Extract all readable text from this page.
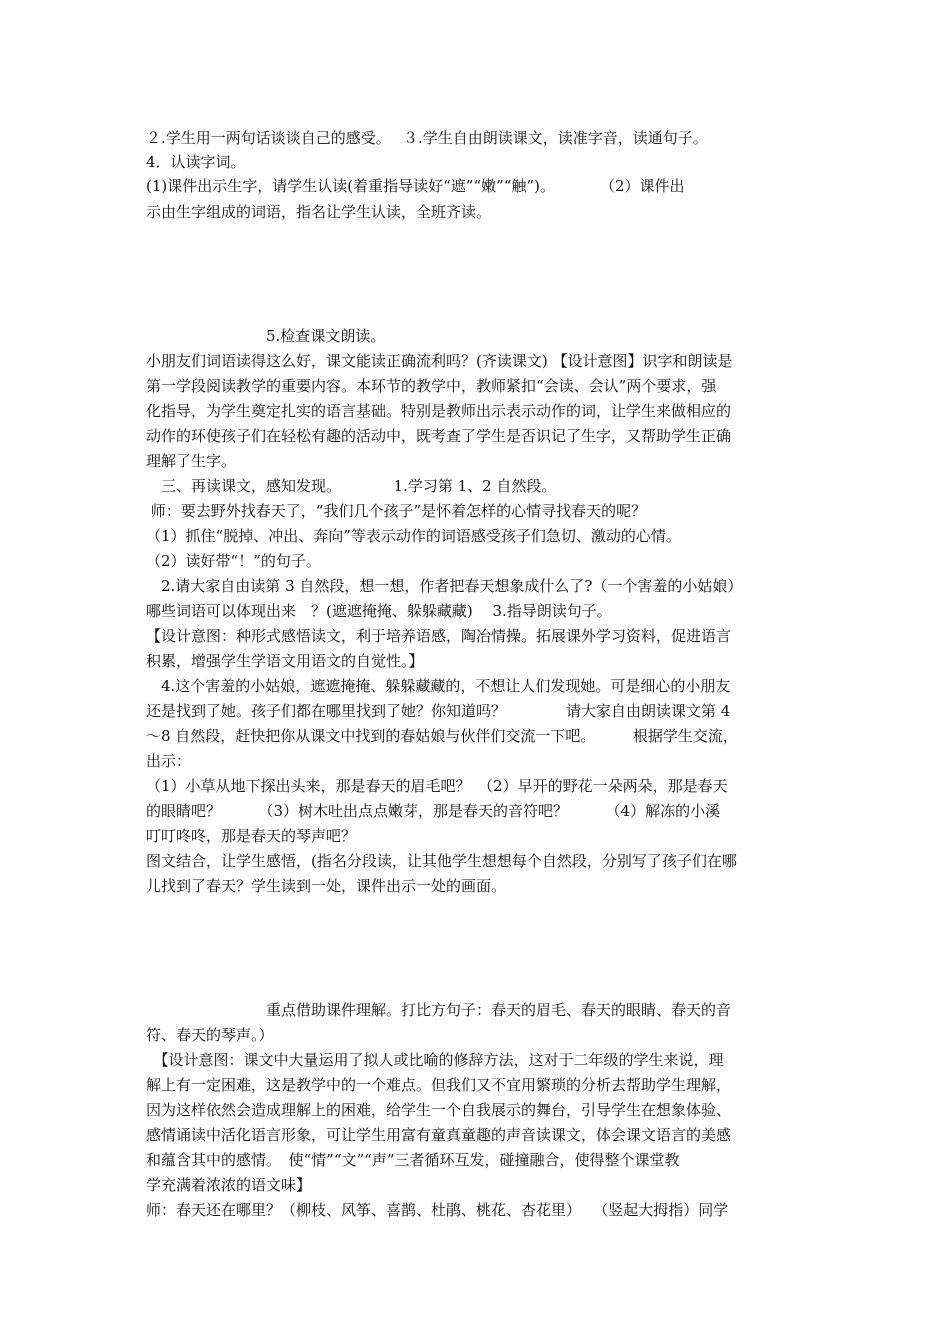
２.学生用一两句话谈谈自己的感受。　 ３.学生自由朗读课文，读准字音，读通句子。
4．认读字词。
(1)课件出示生字，请学生认读(着重指导读好“遮”“嫩”“触”)。　　　　（2）课件出
示由生字组成的词语，指名让学生认读，全班齐读。
　　　　　　　　5.检查课文朗读。
小朋友们词语读得这么好，课文能读正确流利吗？(齐读课文) 【设计意图】识字和朗读是
第一学段阅读教学的重要内容。本环节的教学中，教师紧扣“会读、会认”两个要求，强
化指导，为学生奠定扎实的语言基础。特别是教师出示表示动作的词，让学生来做相应的
动作的环使孩子们在轻松有趣的活动中，既考查了学生是否识记了生字，又帮助学生正确
理解了生字。
　三、再读课文，感知发现。　　　　1.学习第 1、2 自然段。
师：要去野外找春天了，“我们几个孩子”是怀着怎样的心情寻找春天的呢？
（1）抓住“脱掉、冲出、奔向”等表示动作的词语感受孩子们急切、激动的心情。
（2）读好带“！”的句子。
　2.请大家自由读第 3 自然段，想一想，作者把春天想象成什么了?（一个害羞的小姑娘）
哪些词语可以体现出来　？(遮遮掩掩、躲躲藏藏)　 3.指导朗读句子。
【设计意图：种形式感悟读文，利于培养语感，陶冶情操。拓展课外学习资料，促进语言
积累，增强学生学语文用语文的自觉性。】
　4.这个害羞的小姑娘，遮遮掩掩、躲躲藏藏的，不想让人们发现她。可是细心的小朋友
还是找到了她。孩子们都在哪里找到了她？你知道吗？　　　　请大家自由朗读课文第 4
～8 自然段，赶快把你从课文中找到的春姑娘与伙伴们交流一下吧。　　　根据学生交流，
出示：
（1）小草从地下探出头来，那是春天的眉毛吧？　（2）早开的野花一朵两朵，那是春天
的眼睛吧？　　　（3）树木吐出点点嫩芽，那是春天的音符吧？　　　（4）解冻的小溪
叮叮咚咚，那是春天的琴声吧？
图文结合，让学生感悟，(指名分段读，让其他学生想想每个自然段，分别写了孩子们在哪
儿找到了春天？学生读到一处，课件出示一处的画面。
　　　　　　　　重点借助课件理解。打比方句子：春天的眉毛、春天的眼睛、春天的音
符、春天的琴声。）
　【设计意图：课文中大量运用了拟人或比喻的修辞方法，这对于二年级的学生来说，理
解上有一定困难，这是教学中的一个难点。但我们又不宜用繁琐的分析去帮助学生理解，
因为这样依然会造成理解上的困难，给学生一个自我展示的舞台，引导学生在想象体验、
感情诵读中活化语言形象，可让学生用富有童真童趣的声音读课文，体会课文语言的美感
和蕴含其中的感情。　使“情”“文”“声”三者循环互发，碰撞融合，使得整个课堂教
学充满着浓浓的语文味】
师：春天还在哪里？（柳枝、风筝、喜鹊、杜鹃、桃花、杏花里）　 （竖起大拇指）同学
